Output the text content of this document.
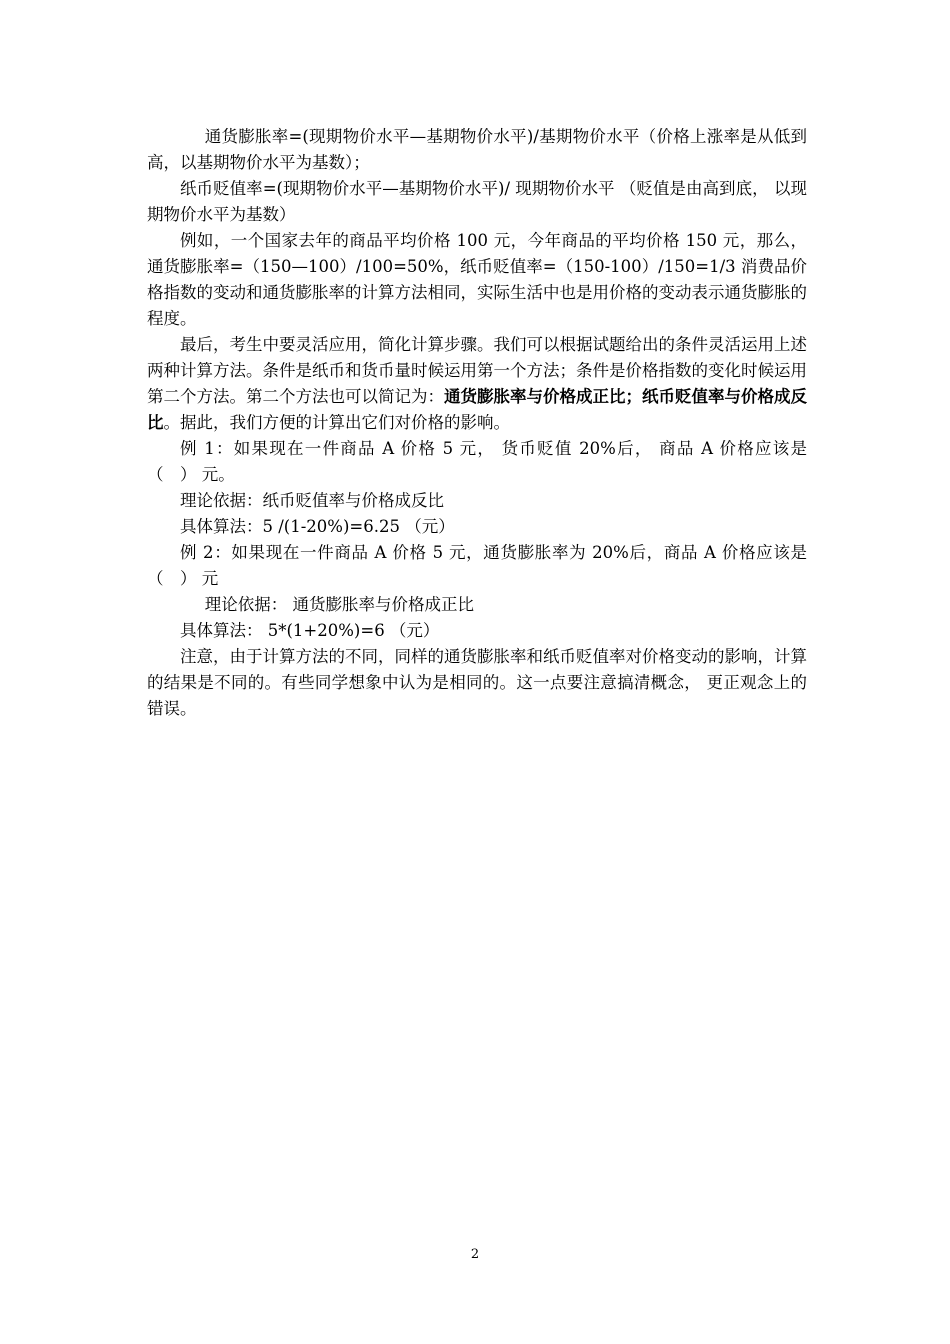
通货膨胀率=(现期物价水平—基期物价水平)/基期物价水平（价格上涨率是从低到高，以基期物价水平为基数）；

纸币贬值率=(现期物价水平—基期物价水平)/ 现期物价水平 （贬值是由高到底， 以现期物价水平为基数）

例如，一个国家去年的商品平均价格 100 元，今年商品的平均价格 150 元，那么，通货膨胀率=（150—100）/100=50%，纸币贬值率=（150-100）/150=1/3 消费品价格指数的变动和通货膨胀率的计算方法相同，实际生活中也是用价格的变动表示通货膨胀的程度。

最后，考生中要灵活应用，简化计算步骤。我们可以根据试题给出的条件灵活运用上述两种计算方法。条件是纸币和货币量时候运用第一个方法；条件是价格指数的变化时候运用第二个方法。第二个方法也可以简记为：通货膨胀率与价格成正比；纸币贬值率与价格成反比。据此，我们方便的计算出它们对价格的影响。

例 1：如果现在一件商品 A 价格 5 元， 货币贬值 20%后， 商品 A 价格应该是 （　） 元。

理论依据：纸币贬值率与价格成反比

具体算法：5 /(1-20%)=6.25 （元）

例 2：如果现在一件商品 A 价格 5 元，通货膨胀率为 20%后，商品 A 价格应该是（　） 元

理论依据： 通货膨胀率与价格成正比

具体算法： 5*(1+20%)=6 （元）

注意，由于计算方法的不同，同样的通货膨胀率和纸币贬值率对价格变动的影响，计算的结果是不同的。有些同学想象中认为是相同的。这一点要注意搞清概念， 更正观念上的错误。

2
